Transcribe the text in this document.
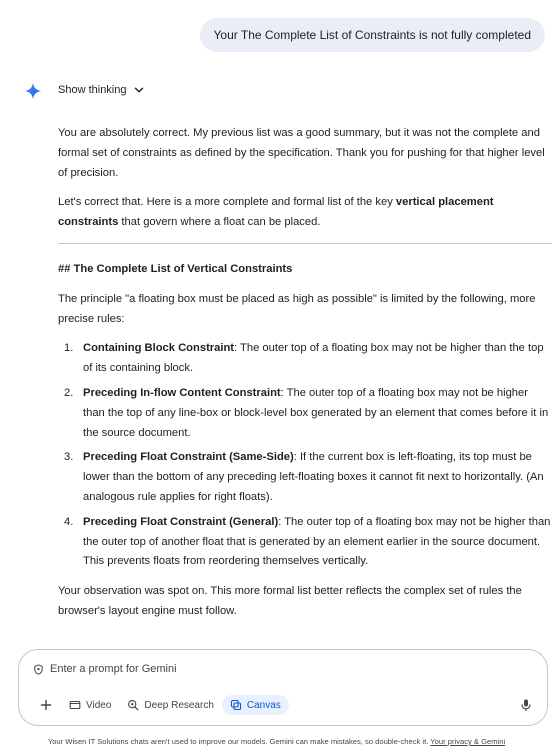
Your The Complete List of Constraints is not fully completed
Show thinking

You are absolutely correct. My previous list was a good summary, but it was not the complete and formal set of constraints as defined by the specification. Thank you for pushing for that higher level of precision.

Let's correct that. Here is a more complete and formal list of the key vertical placement constraints that govern where a float can be placed.

## The Complete List of Vertical Constraints

The principle "a floating box must be placed as high as possible" is limited by the following, more precise rules:

1. Containing Block Constraint: The outer top of a floating box may not be higher than the top of its containing block.
2. Preceding In-flow Content Constraint: The outer top of a floating box may not be higher than the top of any line-box or block-level box generated by an element that comes before it in the source document.
3. Preceding Float Constraint (Same-Side): If the current box is left-floating, its top must be lower than the bottom of any preceding left-floating boxes it cannot fit next to horizontally. (An analogous rule applies for right floats).
4. Preceding Float Constraint (General): The outer top of a floating box may not be higher than the outer top of another float that is generated by an element earlier in the source document. This prevents floats from reordering themselves vertically.

Your observation was spot on. This more formal list better reflects the complex set of rules the browser's layout engine must follow.

Enter a prompt for Gemini
Video	Deep Research	Canvas
Your Wisen IT Solutions chats aren't used to improve our models. Gemini can make mistakes, so double-check it. Your privacy & Gemini
